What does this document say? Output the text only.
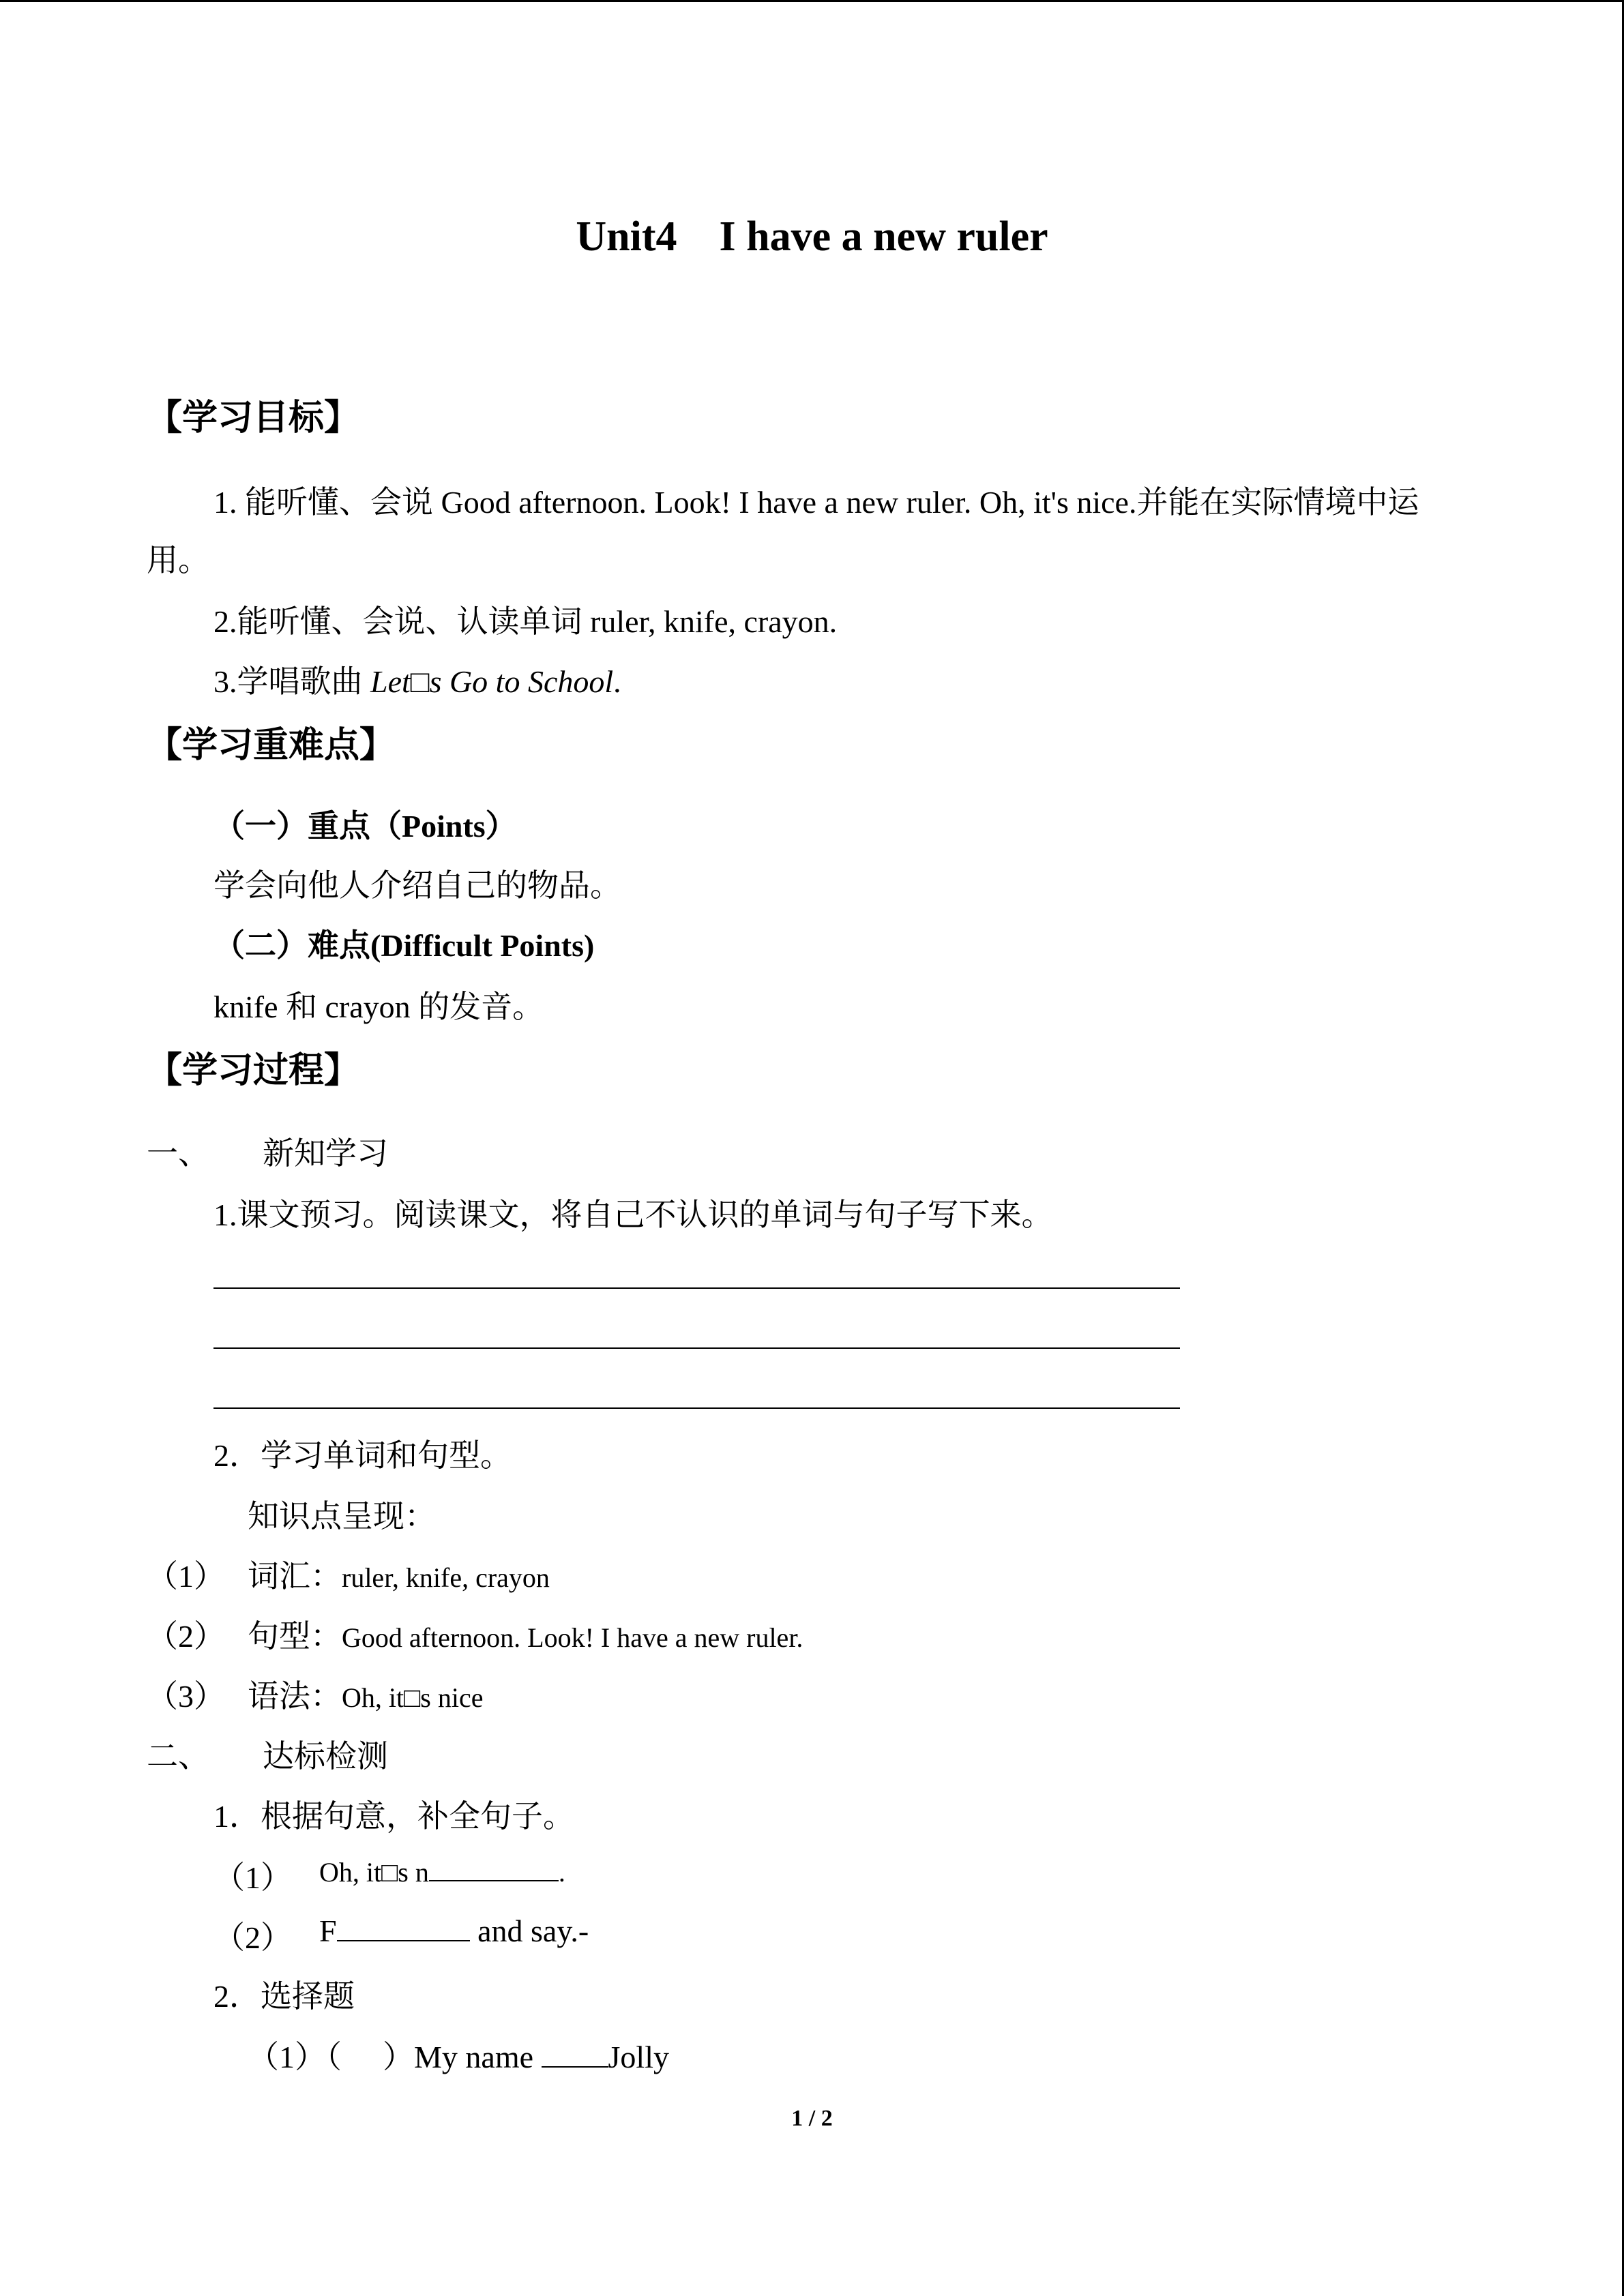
Unit4 I have a new ruler
【学习目标】
1. 能听懂、会说 Good afternoon. Look! I have a new ruler. Oh, it's nice.并能在实际情境中运
用。
2.能听懂、会说、认读单词 ruler, knife, crayon.
3.学唱歌曲 Let□s Go to School.
【学习重难点】
（一）重点（Points）
学会向他人介绍自己的物品。
（二）难点(Difficult Points)
knife 和 crayon 的发音。
【学习过程】
一、 新知学习
1.课文预习。阅读课文，将自己不认识的单词与句子写下来。
2．学习单词和句型。
知识点呈现：
（1） 词汇：ruler, knife, crayon
（2） 句型：Good afternoon. Look! I have a new ruler.
（3） 语法：Oh, it□s nice
二、 达标检测
1．根据句意，补全句子。
（1） Oh, it□s n	.
（2） F	and say.-
2．选择题
（1）（ ）My name Jolly
1 / 2
